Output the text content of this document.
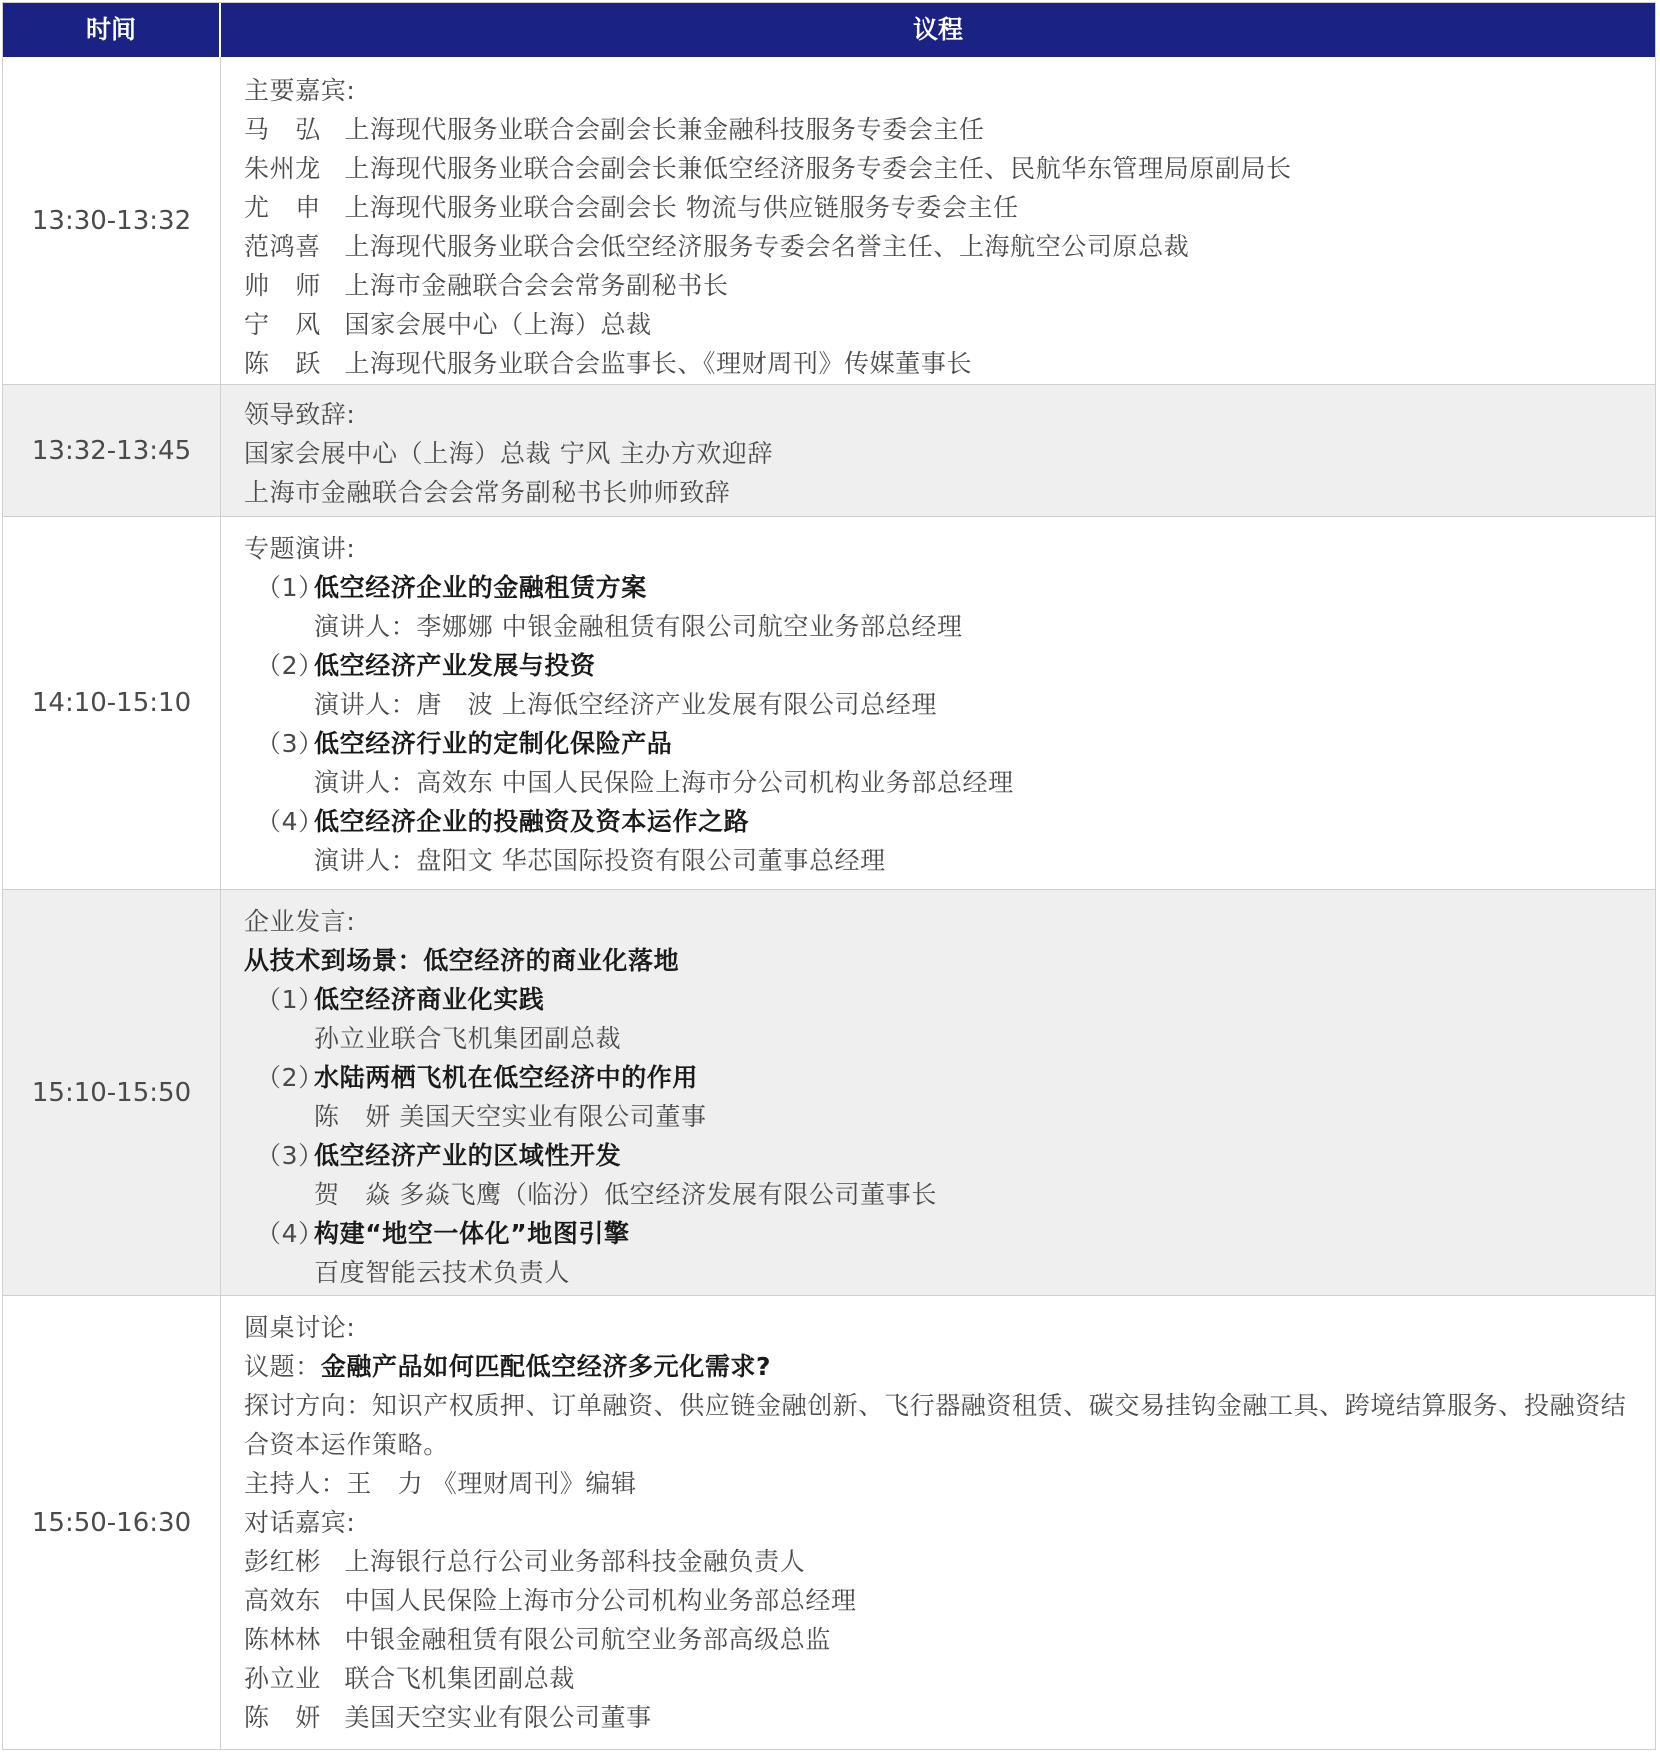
时间	议程
13:30-13:32
主要嘉宾:
马　弘 上海现代服务业联合会副会长兼金融科技服务专委会主任
朱州龙 上海现代服务业联合会副会长兼低空经济服务专委会主任、民航华东管理局原副局长
尤　申 上海现代服务业联合会副会长 物流与供应链服务专委会主任
范鸿喜 上海现代服务业联合会低空经济服务专委会名誉主任、上海航空公司原总裁
帅　师 上海市金融联合会会常务副秘书长
宁　风 国家会展中心（上海）总裁
陈　跃 上海现代服务业联合会监事长、《理财周刊》传媒董事长
13:32-13:45
领导致辞:
国家会展中心（上海）总裁 宁风 主办方欢迎辞
上海市金融联合会会常务副秘书长帅师致辞
14:10-15:10
专题演讲:
（1）低空经济企业的金融租赁方案
演讲人：李娜娜 中银金融租赁有限公司航空业务部总经理
（2）低空经济产业发展与投资
演讲人：唐　波 上海低空经济产业发展有限公司总经理
（3）低空经济行业的定制化保险产品
演讲人：高效东 中国人民保险上海市分公司机构业务部总经理
（4）低空经济企业的投融资及资本运作之路
演讲人：盘阳文 华芯国际投资有限公司董事总经理
15:10-15:50
企业发言:
从技术到场景：低空经济的商业化落地
（1）低空经济商业化实践
孙立业联合飞机集团副总裁
（2）水陆两栖飞机在低空经济中的作用
陈　妍 美国天空实业有限公司董事
（3）低空经济产业的区域性开发
贺　焱 多焱飞鹰（临汾）低空经济发展有限公司董事长
（4）构建“地空一体化”地图引擎
百度智能云技术负责人
15:50-16:30
圆桌讨论:
议题：金融产品如何匹配低空经济多元化需求?
探讨方向：知识产权质押、订单融资、供应链金融创新、飞行器融资租赁、碳交易挂钩金融工具、跨境结算服务、投融资结合资本运作策略。
主持人：王　力 《理财周刊》编辑
对话嘉宾:
彭红彬 上海银行总行公司业务部科技金融负责人
高效东 中国人民保险上海市分公司机构业务部总经理
陈林林 中银金融租赁有限公司航空业务部高级总监
孙立业 联合飞机集团副总裁
陈　妍 美国天空实业有限公司董事
